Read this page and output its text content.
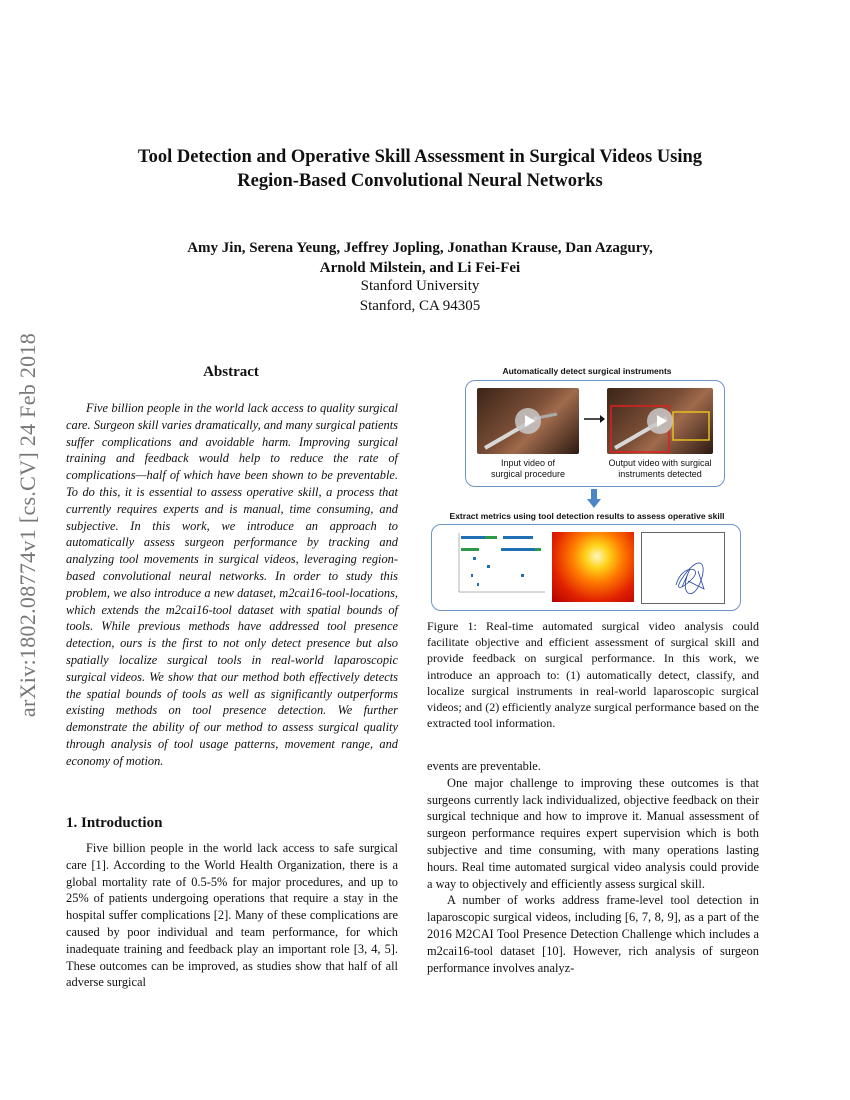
arXiv:1802.08774v1 [cs.CV] 24 Feb 2018
Tool Detection and Operative Skill Assessment in Surgical Videos Using
Region-Based Convolutional Neural Networks
Amy Jin, Serena Yeung, Jeffrey Jopling, Jonathan Krause, Dan Azagury,
Arnold Milstein, and Li Fei-Fei
Stanford University
Stanford, CA 94305
Abstract

Five billion people in the world lack access to quality surgical care. Surgeon skill varies dramatically, and many surgical patients suffer complications and avoidable harm. Improving surgical training and feedback would help to reduce the rate of complications—half of which have been shown to be preventable. To do this, it is essential to assess operative skill, a process that currently requires experts and is manual, time consuming, and subjective. In this work, we introduce an approach to automatically assess surgeon performance by tracking and analyzing tool movements in surgical videos, leveraging region-based convolutional neural networks. In order to study this problem, we also introduce a new dataset, m2cai16-tool-locations, which extends the m2cai16-tool dataset with spatial bounds of tools. While previous methods have addressed tool presence detection, ours is the first to not only detect presence but also spatially localize surgical tools in real-world laparoscopic surgical videos. We show that our method both effectively detects the spatial bounds of tools as well as significantly outperforms existing methods on tool presence detection. We further demonstrate the ability of our method to assess surgical quality through analysis of tool usage patterns, movement range, and economy of motion.

1. Introduction

Five billion people in the world lack access to safe surgical care [1]. According to the World Health Organization, there is a global mortality rate of 0.5-5% for major procedures, and up to 25% of patients undergoing operations that require a stay in the hospital suffer complications [2]. Many of these complications are caused by poor individual and team performance, for which inadequate training and feedback play an important role [3, 4, 5]. These outcomes can be improved, as studies show that half of all adverse surgical

Automatically detect surgical instruments
Input video of
surgical procedure
Output video with surgical
instruments detected
Extract metrics using tool detection results to assess operative skill
Figure 1: Real-time automated surgical video analysis could facilitate objective and efficient assessment of surgical skill and provide feedback on surgical performance. In this work, we introduce an approach to: (1) automatically detect, classify, and localize surgical instruments in real-world laparoscopic surgical videos; and (2) efficiently analyze surgical performance based on the extracted tool information.
events are preventable.

One major challenge to improving these outcomes is that surgeons currently lack individualized, objective feedback on their surgical technique and how to improve it. Manual assessment of surgeon performance requires expert supervision which is both subjective and time consuming, with many operations lasting hours. Real time automated surgical video analysis could provide a way to objectively and efficiently assess surgical skill.

A number of works address frame-level tool detection in laparoscopic surgical videos, including [6, 7, 8, 9], as a part of the 2016 M2CAI Tool Presence Detection Challenge which includes a m2cai16-tool dataset [10]. However, rich analysis of surgeon performance involves analyz-
